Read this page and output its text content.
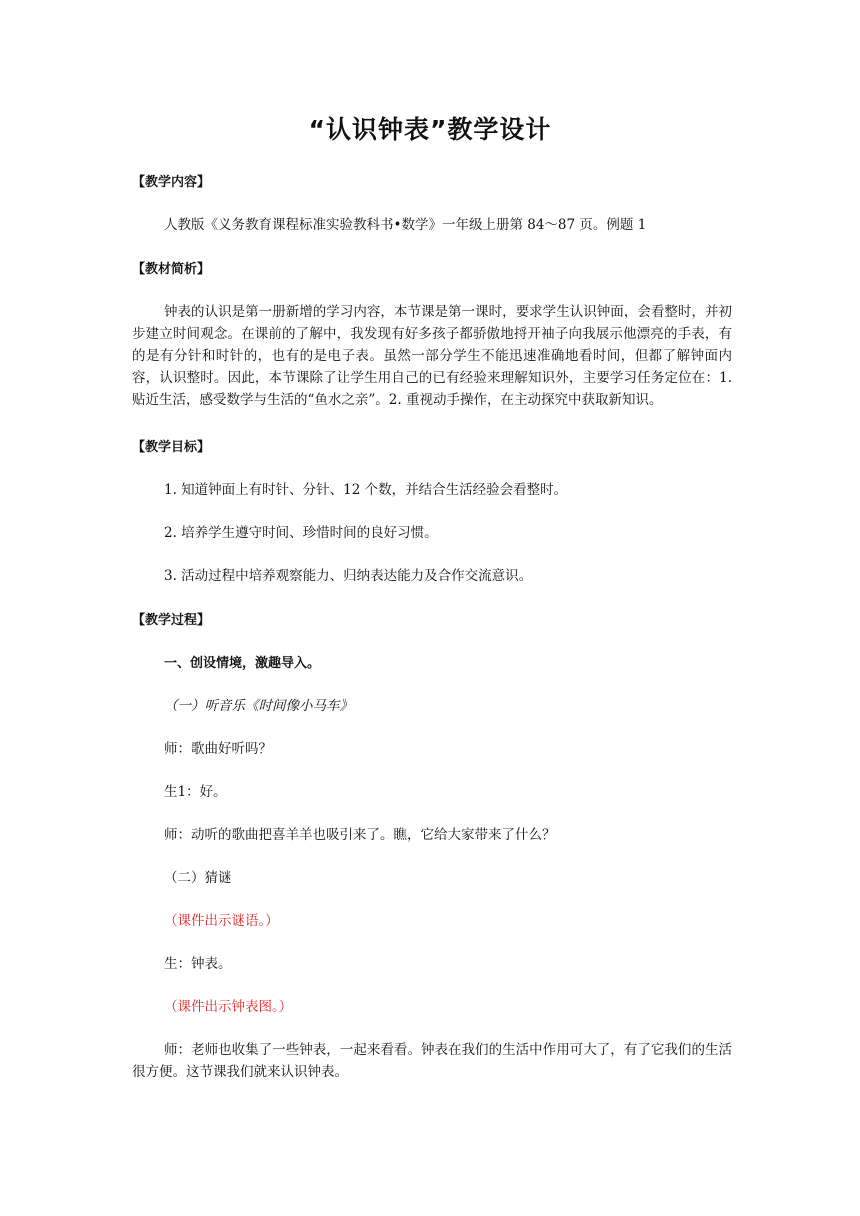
“认识钟表”教学设计
【教学内容】
人教版《义务教育课程标准实验教科书•数学》一年级上册第 84～87 页。例题 1
【教材简析】
钟表的认识是第一册新增的学习内容，本节课是第一课时，要求学生认识钟面，会看整时，并初步建立时间观念。在课前的了解中，我发现有好多孩子都骄傲地捋开袖子向我展示他漂亮的手表，有的是有分针和时针的，也有的是电子表。虽然一部分学生不能迅速准确地看时间，但都了解钟面内容，认识整时。因此，本节课除了让学生用自己的已有经验来理解知识外，主要学习任务定位在：1. 贴近生活，感受数学与生活的“鱼水之亲”。2. 重视动手操作，在主动探究中获取新知识。
【教学目标】
1. 知道钟面上有时针、分针、12 个数，并结合生活经验会看整时。
2. 培养学生遵守时间、珍惜时间的良好习惯。
3. 活动过程中培养观察能力、归纳表达能力及合作交流意识。
【教学过程】
一、创设情境，激趣导入。
（一）听音乐《时间像小马车》
师：歌曲好听吗？
生1：好。
师：动听的歌曲把喜羊羊也吸引来了。瞧，它给大家带来了什么？
（二）猜谜
（课件出示谜语。）
生：钟表。
（课件出示钟表图。）
师：老师也收集了一些钟表，一起来看看。钟表在我们的生活中作用可大了，有了它我们的生活很方便。这节课我们就来认识钟表。
